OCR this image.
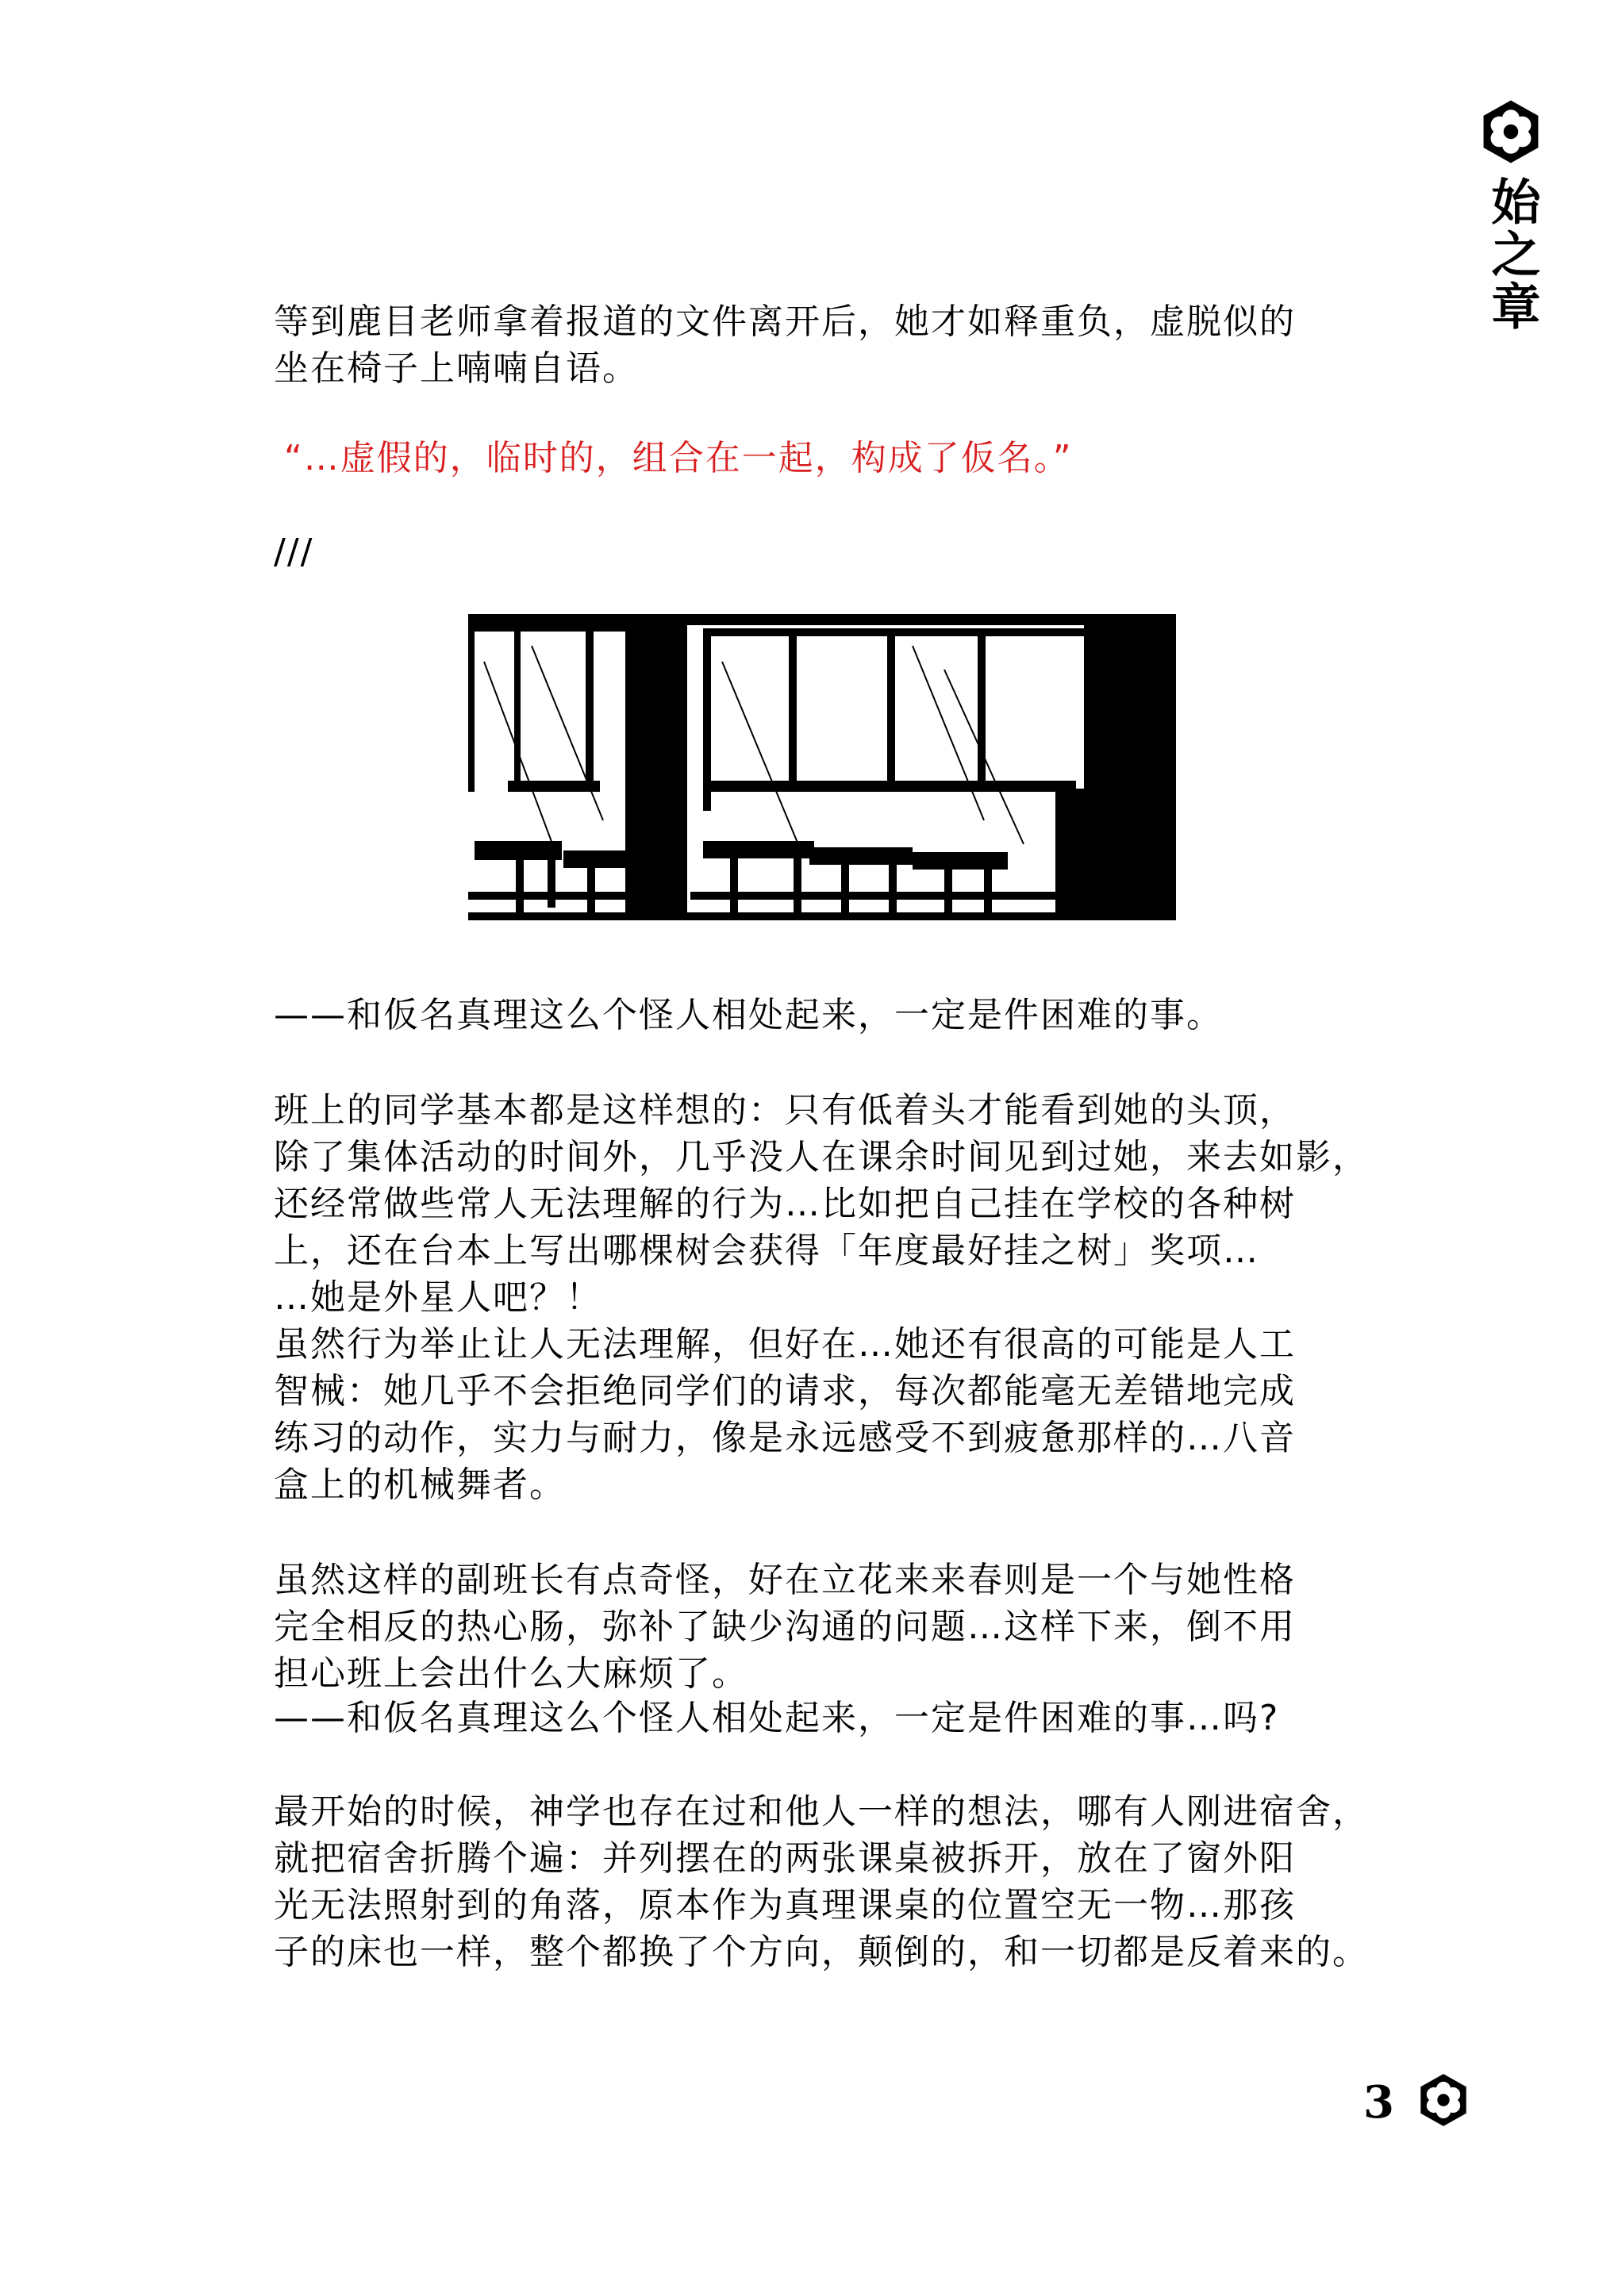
始之章

等到鹿目老师拿着报道的文件离开后，她才如释重负，虚脱似的
坐在椅子上喃喃自语。

“…虚假的，临时的，组合在一起，构成了仮名。”

///

——和仮名真理这么个怪人相处起来，一定是件困难的事。

班上的同学基本都是这样想的：只有低着头才能看到她的头顶，
除了集体活动的时间外，几乎没人在课余时间见到过她，来去如影，
还经常做些常人无法理解的行为…比如把自己挂在学校的各种树
上，还在台本上写出哪棵树会获得「年度最好挂之树」奖项…
…她是外星人吧？！
虽然行为举止让人无法理解，但好在…她还有很高的可能是人工
智械：她几乎不会拒绝同学们的请求，每次都能毫无差错地完成
练习的动作，实力与耐力，像是永远感受不到疲惫那样的…八音
盒上的机械舞者。

虽然这样的副班长有点奇怪，好在立花来来春则是一个与她性格
完全相反的热心肠，弥补了缺少沟通的问题…这样下来，倒不用
担心班上会出什么大麻烦了。

——和仮名真理这么个怪人相处起来，一定是件困难的事…吗?

最开始的时候，神学也存在过和他人一样的想法，哪有人刚进宿舍，
就把宿舍折腾个遍：并列摆在的两张课桌被拆开，放在了窗外阳
光无法照射到的角落，原本作为真理课桌的位置空无一物…那孩
子的床也一样，整个都换了个方向，颠倒的，和一切都是反着来的。

3
